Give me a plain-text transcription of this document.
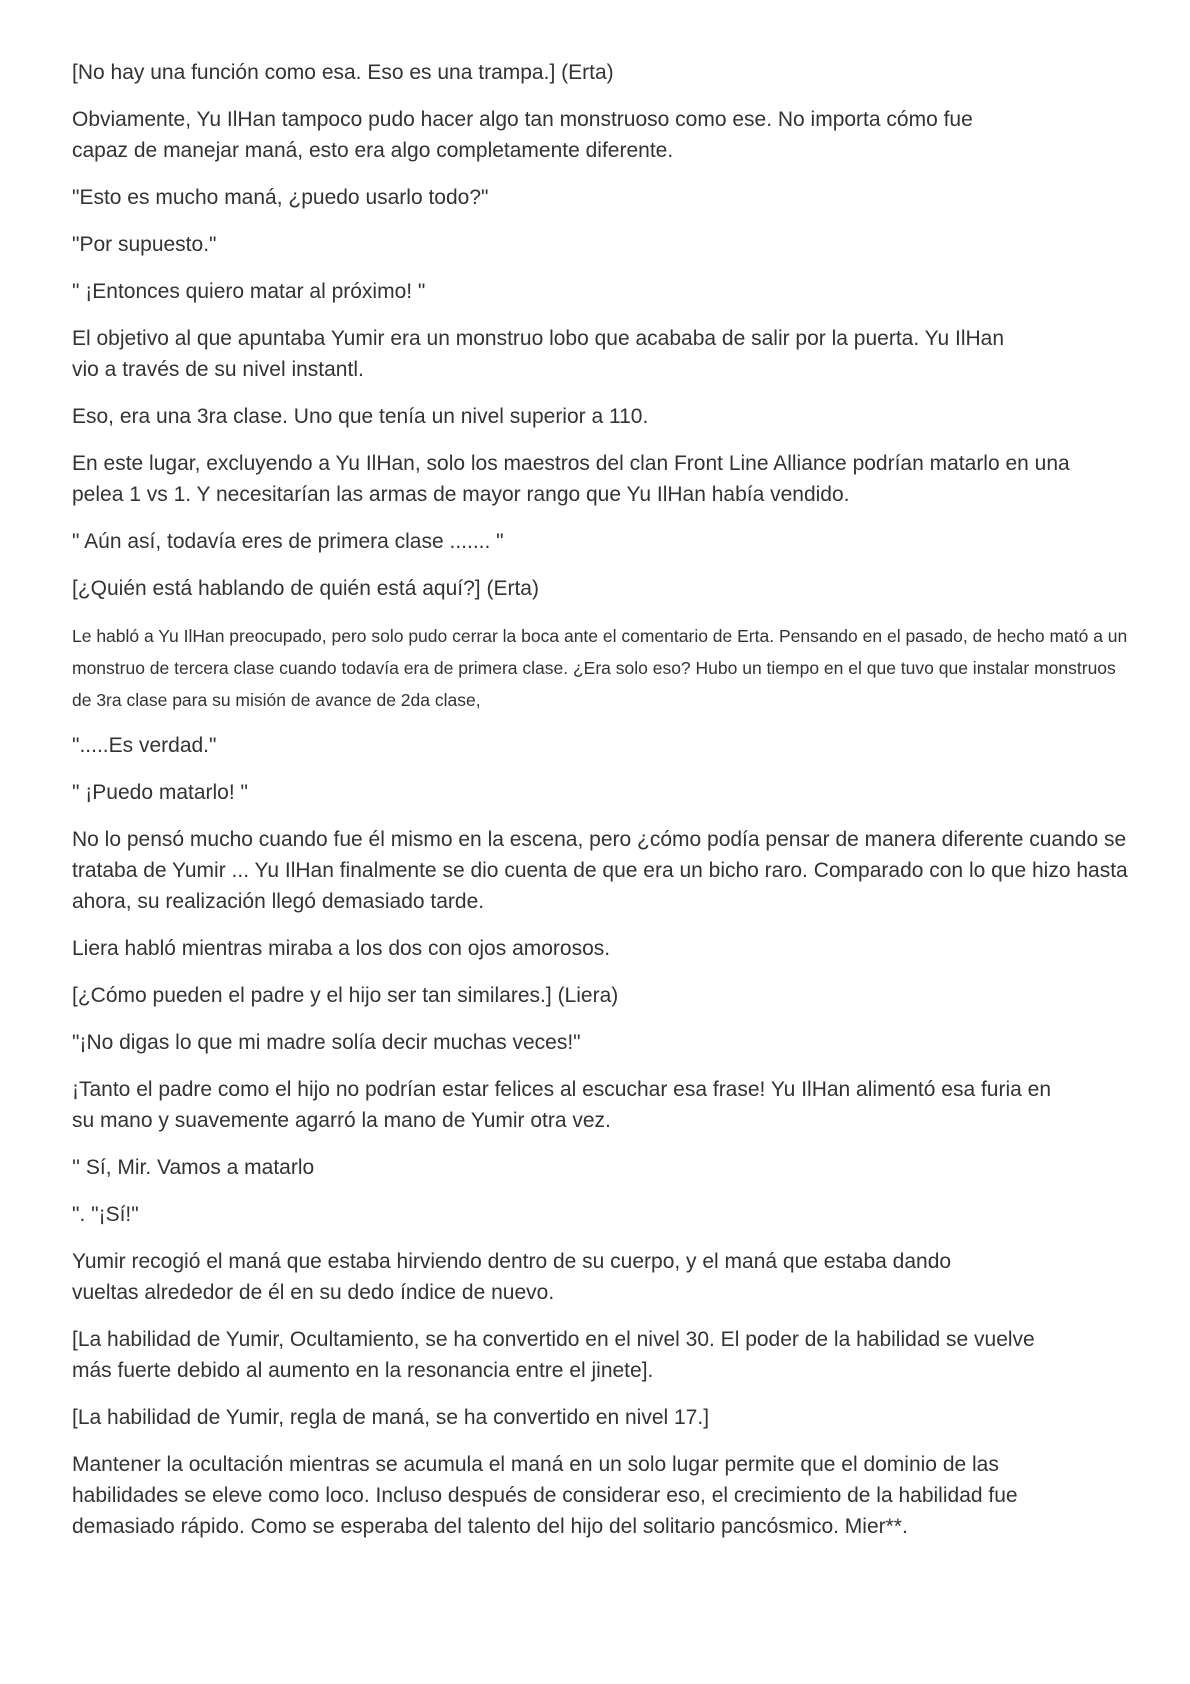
[No hay una función como esa. Eso es una trampa.] (Erta)

Obviamente, Yu IlHan tampoco pudo hacer algo tan monstruoso como ese. No importa cómo fue capaz de manejar maná, esto era algo completamente diferente.

"Esto es mucho maná, ¿puedo usarlo todo?"

"Por supuesto."

" ¡Entonces quiero matar al próximo! "

El objetivo al que apuntaba Yumir era un monstruo lobo que acababa de salir por la puerta. Yu IlHan vio a través de su nivel instantl.

Eso, era una 3ra clase. Uno que tenía un nivel superior a 110.

En este lugar, excluyendo a Yu IlHan, solo los maestros del clan Front Line Alliance podrían matarlo en una pelea 1 vs 1. Y necesitarían las armas de mayor rango que Yu IlHan había vendido.

" Aún así, todavía eres de primera clase ....... "

[¿Quién está hablando de quién está aquí?] (Erta)

Le habló a Yu IlHan preocupado, pero solo pudo cerrar la boca ante el comentario de Erta. Pensando en el pasado, de hecho mató a un monstruo de tercera clase cuando todavía era de primera clase. ¿Era solo eso? Hubo un tiempo en el que tuvo que instalar monstruos de 3ra clase para su misión de avance de 2da clase,

".....Es verdad."

" ¡Puedo matarlo! "

No lo pensó mucho cuando fue él mismo en la escena, pero ¿cómo podía pensar de manera diferente cuando se trataba de Yumir ... Yu IlHan finalmente se dio cuenta de que era un bicho raro. Comparado con lo que hizo hasta ahora, su realización llegó demasiado tarde.

Liera habló mientras miraba a los dos con ojos amorosos.

[¿Cómo pueden el padre y el hijo ser tan similares.] (Liera)

"¡No digas lo que mi madre solía decir muchas veces!"

¡Tanto el padre como el hijo no podrían estar felices al escuchar esa frase! Yu IlHan alimentó esa furia en su mano y suavemente agarró la mano de Yumir otra vez.

'' Sí, Mir. Vamos a matarlo

". "¡Sí!"

Yumir recogió el maná que estaba hirviendo dentro de su cuerpo, y el maná que estaba dando vueltas alrededor de él en su dedo índice de nuevo.

[La habilidad de Yumir, Ocultamiento, se ha convertido en el nivel 30. El poder de la habilidad se vuelve más fuerte debido al aumento en la resonancia entre el jinete].

[La habilidad de Yumir, regla de maná, se ha convertido en nivel 17.]

Mantener la ocultación mientras se acumula el maná en un solo lugar permite que el dominio de las habilidades se eleve como loco. Incluso después de considerar eso, el crecimiento de la habilidad fue demasiado rápido. Como se esperaba del talento del hijo del solitario pancósmico. Mier**.
